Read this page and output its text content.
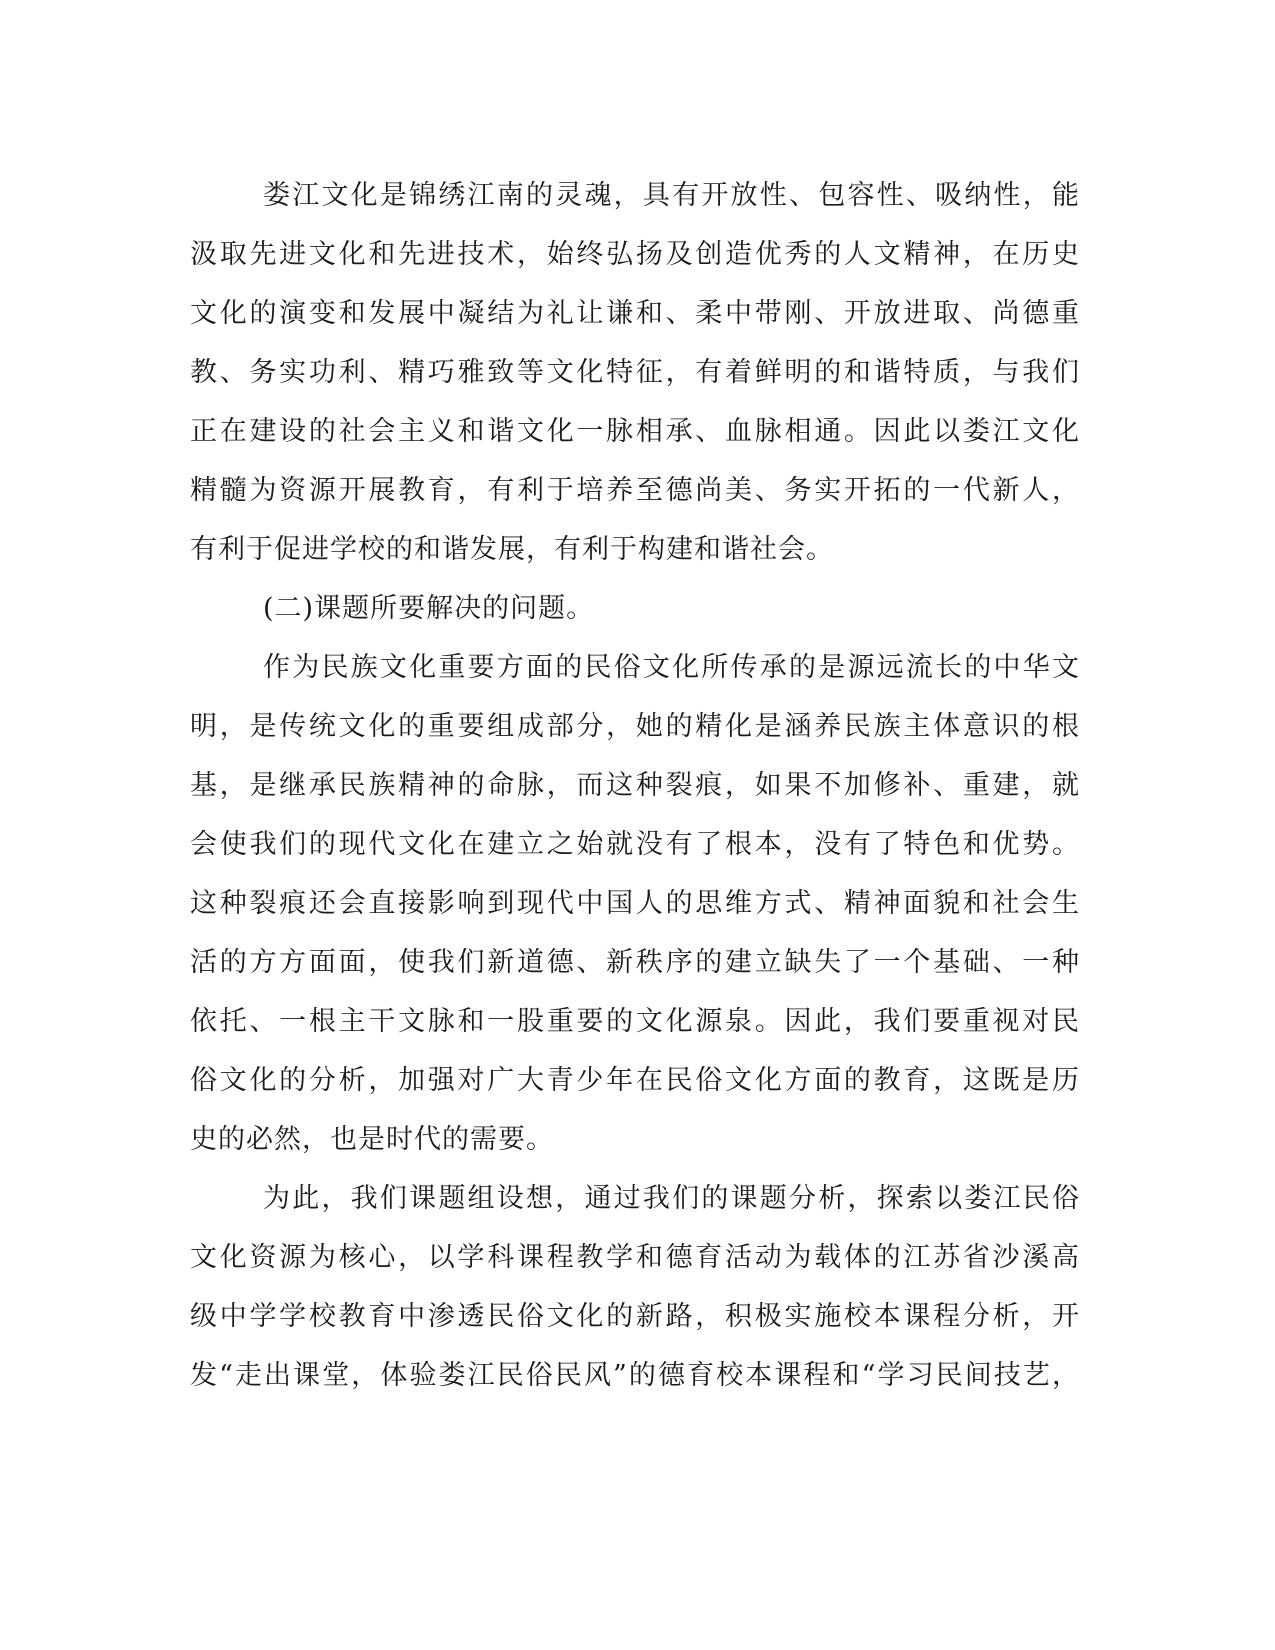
娄江文化是锦绣江南的灵魂，具有开放性、包容性、吸纳性，能
汲取先进文化和先进技术，始终弘扬及创造优秀的人文精神，在历史
文化的演变和发展中凝结为礼让谦和、柔中带刚、开放进取、尚德重
教、务实功利、精巧雅致等文化特征，有着鲜明的和谐特质，与我们
正在建设的社会主义和谐文化一脉相承、血脉相通。因此以娄江文化
精髓为资源开展教育，有利于培养至德尚美、务实开拓的一代新人，
有利于促进学校的和谐发展，有利于构建和谐社会。
(二)课题所要解决的问题。
作为民族文化重要方面的民俗文化所传承的是源远流长的中华文
明，是传统文化的重要组成部分，她的精化是涵养民族主体意识的根
基，是继承民族精神的命脉，而这种裂痕，如果不加修补、重建，就
会使我们的现代文化在建立之始就没有了根本，没有了特色和优势。
这种裂痕还会直接影响到现代中国人的思维方式、精神面貌和社会生
活的方方面面，使我们新道德、新秩序的建立缺失了一个基础、一种
依托、一根主干文脉和一股重要的文化源泉。因此，我们要重视对民
俗文化的分析，加强对广大青少年在民俗文化方面的教育，这既是历
史的必然，也是时代的需要。
为此，我们课题组设想，通过我们的课题分析，探索以娄江民俗
文化资源为核心，以学科课程教学和德育活动为载体的江苏省沙溪高
级中学学校教育中渗透民俗文化的新路，积极实施校本课程分析，开
发“走出课堂，体验娄江民俗民风”的德育校本课程和“学习民间技艺，
